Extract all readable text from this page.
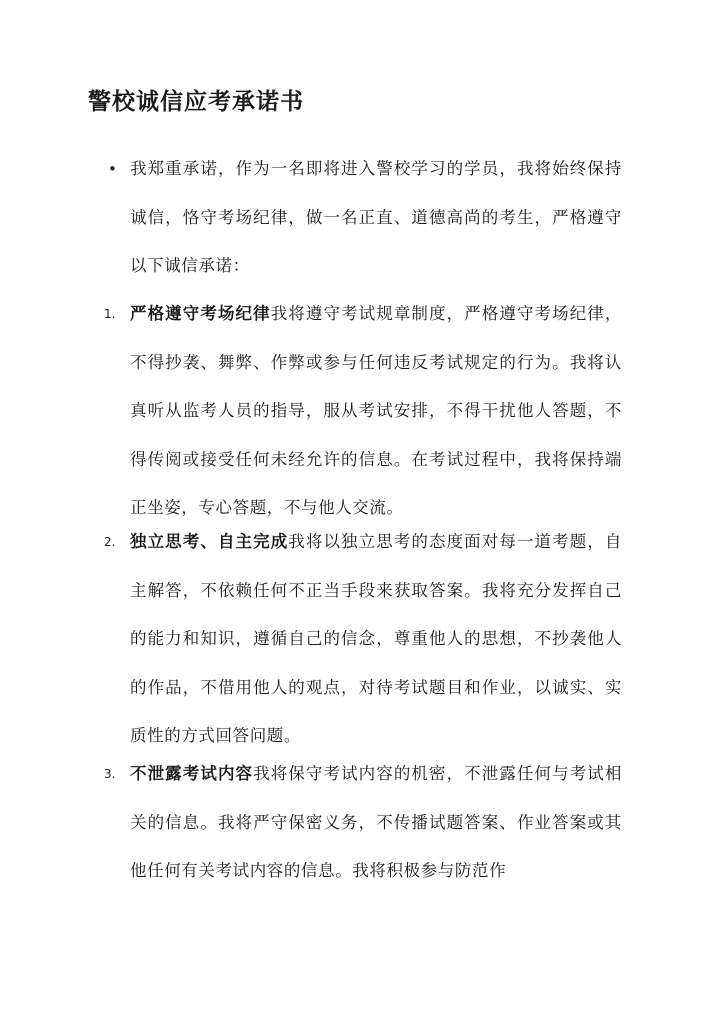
警校诚信应考承诺书
• 我郑重承诺，作为一名即将进入警校学习的学员，我将始终保持诚信，恪守考场纪律，做一名正直、道德高尚的考生，严格遵守以下诚信承诺：

1. 严格遵守考场纪律我将遵守考试规章制度，严格遵守考场纪律，不得抄袭、舞弊、作弊或参与任何违反考试规定的行为。我将认真听从监考人员的指导，服从考试安排，不得干扰他人答题，不得传阅或接受任何未经允许的信息。在考试过程中，我将保持端正坐姿，专心答题，不与他人交流。

2. 独立思考、自主完成我将以独立思考的态度面对每一道考题，自主解答，不依赖任何不正当手段来获取答案。我将充分发挥自己的能力和知识，遵循自己的信念，尊重他人的思想，不抄袭他人的作品，不借用他人的观点，对待考试题目和作业，以诚实、实质性的方式回答问题。

3. 不泄露考试内容我将保守考试内容的机密，不泄露任何与考试相关的信息。我将严守保密义务，不传播试题答案、作业答案或其他任何有关考试内容的信息。我将积极参与防范作
